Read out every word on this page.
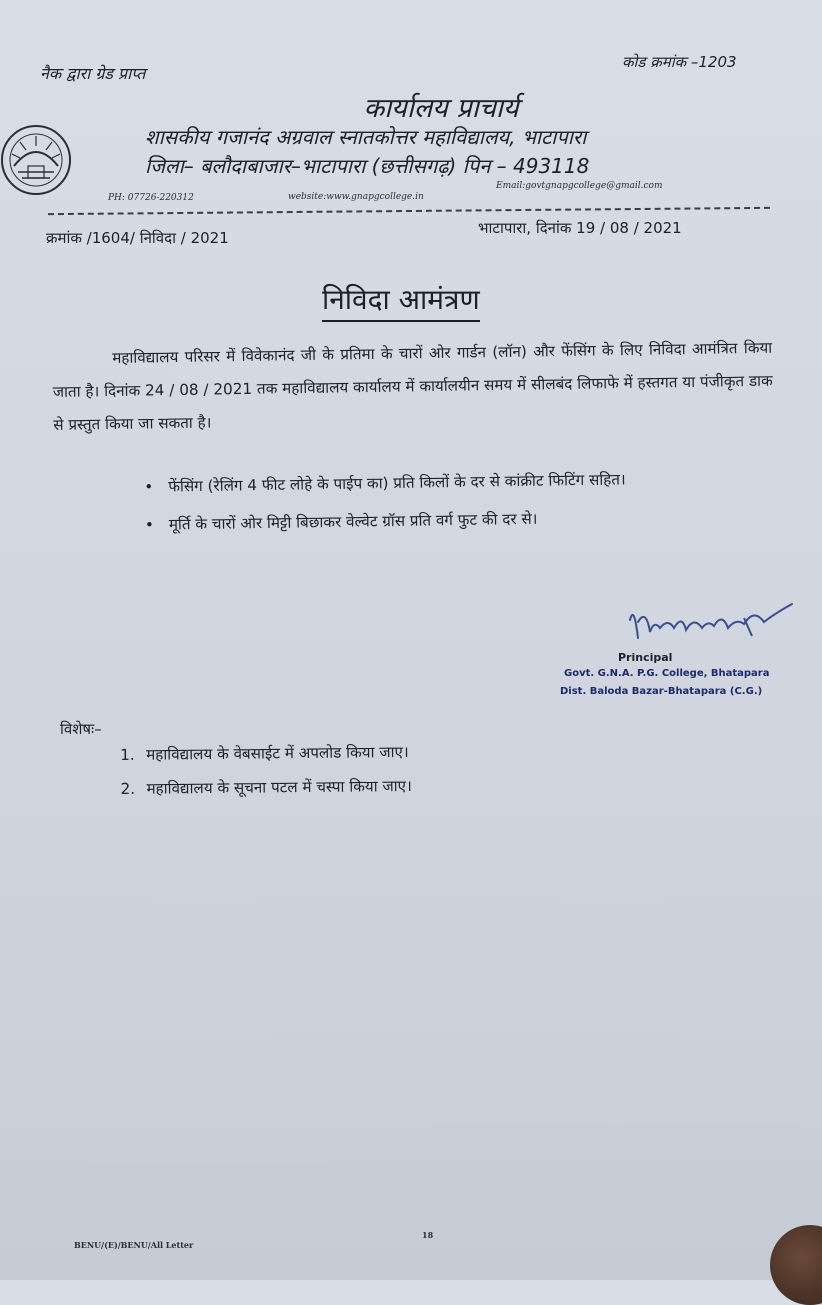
नैक द्वारा ग्रेड प्राप्त
कोड क्रमांक –1203
कार्यालय प्राचार्य
शासकीय गजानंद अग्रवाल स्नातकोत्तर महाविद्यालय, भाटापारा
जिला– बलौदाबाजार–भाटापारा (छत्तीसगढ़) पिन – 493118
PH: 07726-220312	website:www.gnapgcollege.in
Email:govtgnapgcollege@gmail.com
क्रमांक /1604/ निविदा / 2021
भाटापारा, दिनांक 19 / 08 / 2021
निविदा आमंत्रण
महाविद्यालय परिसर में विवेकानंद जी के प्रतिमा के चारों ओर गार्डन (लॉन) और फेंसिंग के लिए निविदा आमंत्रित किया जाता है। दिनांक 24 / 08 / 2021 तक महाविद्यालय कार्यालय में कार्यालयीन समय में सीलबंद लिफाफे में हस्तगत या पंजीकृत डाक से प्रस्तुत किया जा सकता है।
• फेंसिंग (रेलिंग 4 फीट लोहे के पाईप का) प्रति किलों के दर से कांक्रीट फिटिंग सहित।
• मूर्ति के चारों ओर मिट्टी बिछाकर वेल्वेट ग्रॉस प्रति वर्ग फुट की दर से।
Principal
Govt. G.N.A. P.G. College, Bhatapara
Dist. Baloda Bazar-Bhatapara (C.G.)
विशेषः–
1. महाविद्यालय के वेबसाईट में अपलोड किया जाए।
2. महाविद्यालय के सूचना पटल में चस्पा किया जाए।
BENU/(E)/BENU/All Letter
18
